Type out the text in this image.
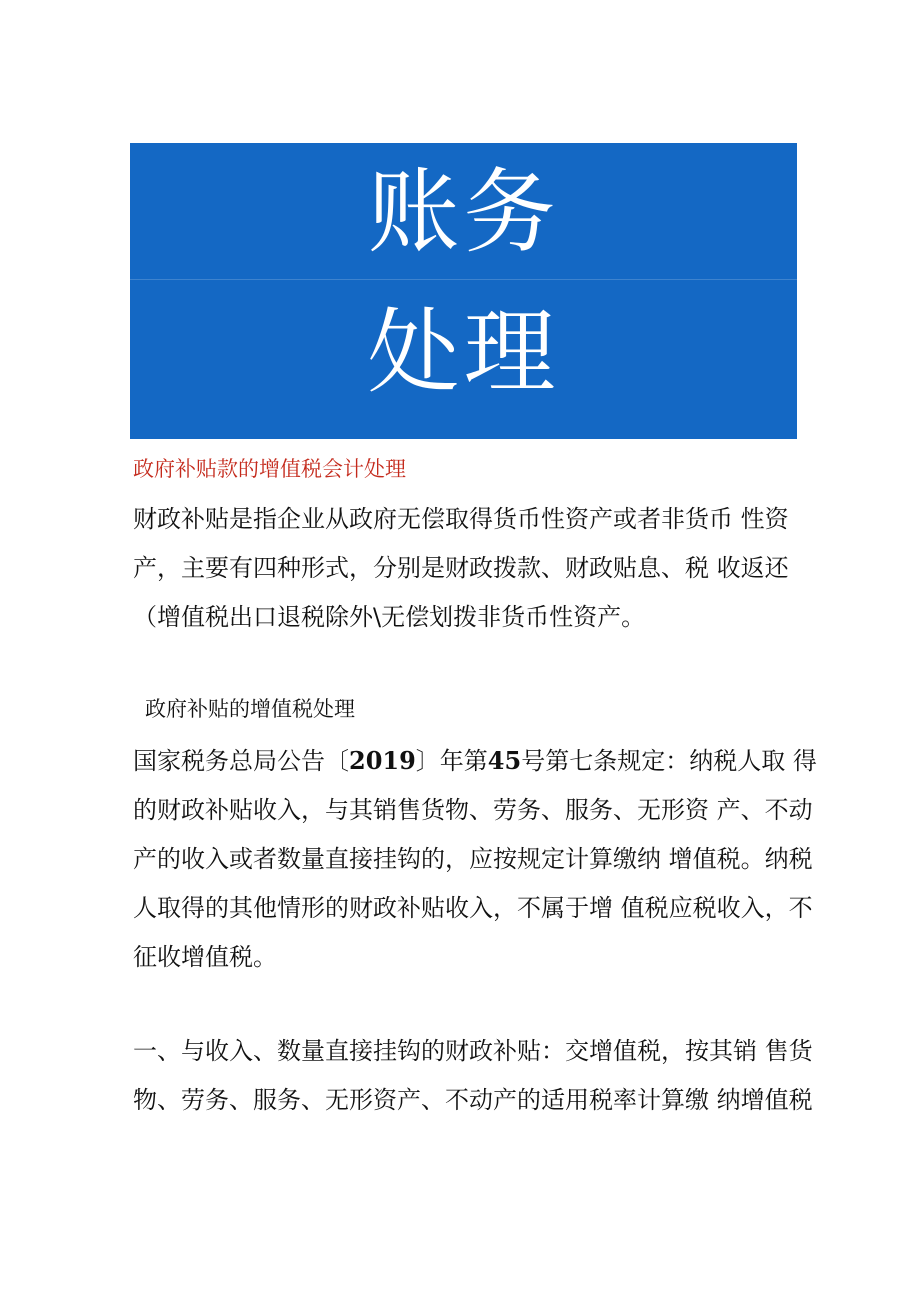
账务
处理
政府补贴款的增值税会计处理
财政补贴是指企业从政府无偿取得货币性资产或者非货币 性资
产，主要有四种形式，分别是财政拨款、财政贴息、税 收返还
（增值税出口退税除外\无偿划拨非货币性资产。
政府补贴的增值税处理
国家税务总局公告〔2019〕年第45号第七条规定：纳税人取 得
的财政补贴收入，与其销售货物、劳务、服务、无形资 产、不动
产的收入或者数量直接挂钩的，应按规定计算缴纳 增值税。纳税
人取得的其他情形的财政补贴收入，不属于增 值税应税收入，不
征收增值税。
一、与收入、数量直接挂钩的财政补贴：交增值税，按其销 售货
物、劳务、服务、无形资产、不动产的适用税率计算缴 纳增值税
